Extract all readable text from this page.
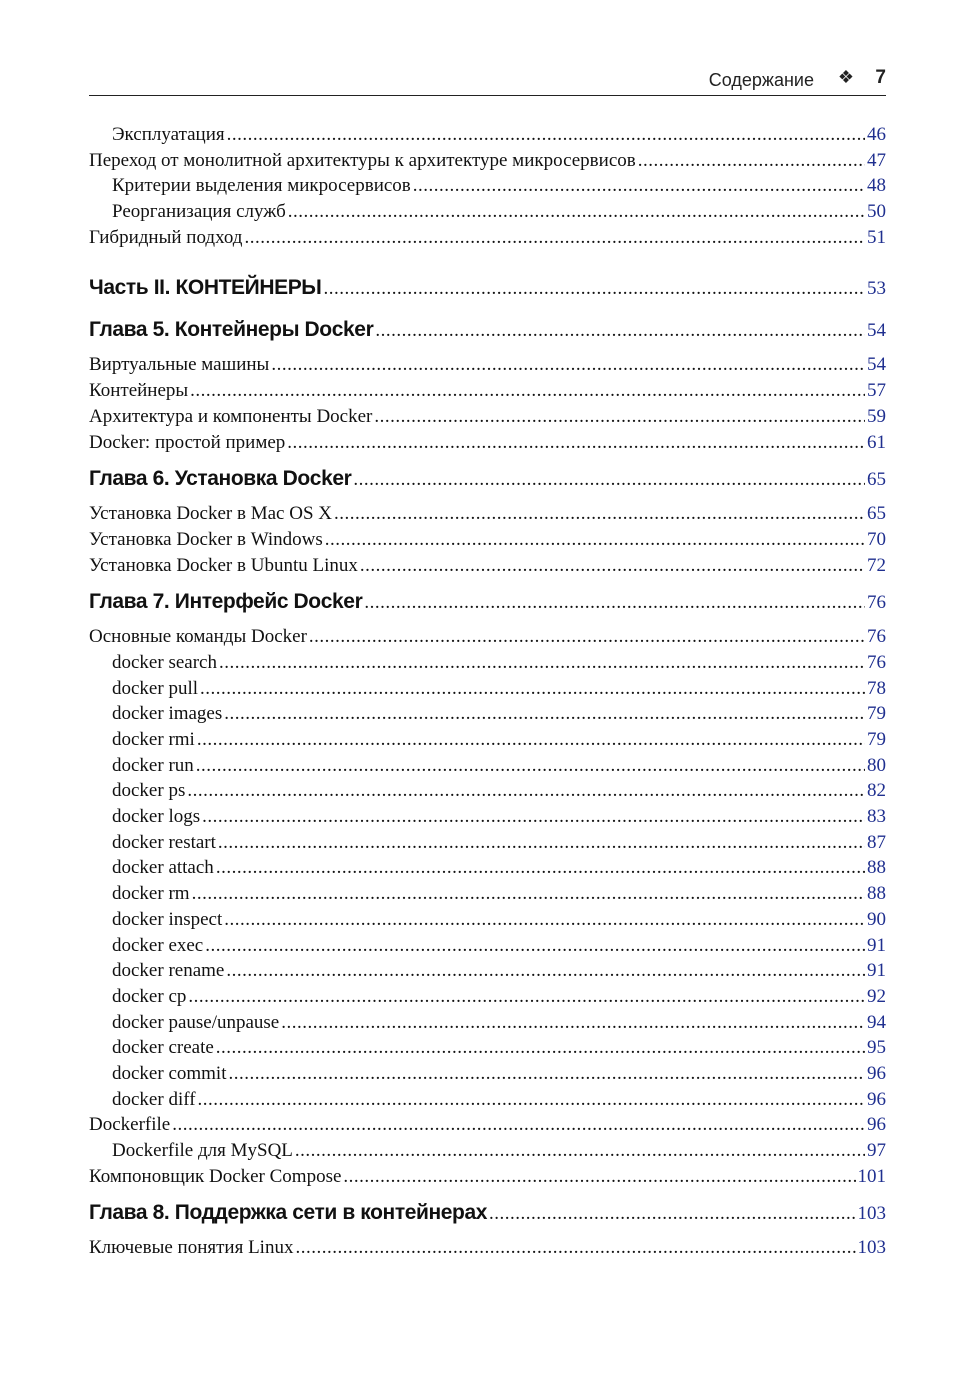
Содержание ❖ 7
Эксплуатация .....	46
Переход от монолитной архитектуры к архитектуре микросервисов .....	47
Критерии выделения микросервисов .....	48
Реорганизация служб .....	50
Гибридный подход .....	51
Часть II. КОНТЕЙНЕРЫ .....	53
Глава 5. Контейнеры Docker .....	54
Виртуальные машины .....	54
Контейнеры .....	57
Архитектура и компоненты Docker .....	59
Docker: простой пример .....	61
Глава 6. Установка Docker .....	65
Установка Docker в Mac OS X .....	65
Установка Docker в Windows .....	70
Установка Docker в Ubuntu Linux .....	72
Глава 7. Интерфейс Docker .....	76
Основные команды Docker .....	76
docker search .....	76
docker pull .....	78
docker images .....	79
docker rmi .....	79
docker run .....	80
docker ps .....	82
docker logs .....	83
docker restart .....	87
docker attach .....	88
docker rm .....	88
docker inspect .....	90
docker exec .....	91
docker rename .....	91
docker cp .....	92
docker pause/unpause .....	94
docker create .....	95
docker commit .....	96
docker diff .....	96
Dockerfile .....	96
Dockerfile для MySQL .....	97
Компоновщик Docker Compose .....	101
Глава 8. Поддержка сети в контейнерах .....	103
Ключевые понятия Linux .....	103
